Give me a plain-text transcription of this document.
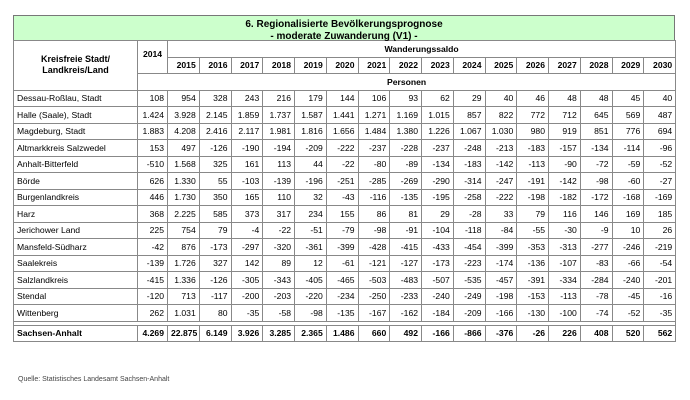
6. Regionalisierte Bevölkerungsprognose
- moderate Zuwanderung (V1) -
Kreisfreie Stadt/ Landkreis/Land	2014	Wanderungssaldo															
		2015	2016	2017	2018	2019	2020	2021	2022	2023	2024	2025	2026	2027	2028	2029	2030
	Personen																
Dessau-Roßlau, Stadt	108	954	328	243	216	179	144	106	93	62	29	40	46	48	48	45	40
Halle (Saale), Stadt	1.424	3.928	2.145	1.859	1.737	1.587	1.441	1.271	1.169	1.015	857	822	772	712	645	569	487
Magdeburg, Stadt	1.883	4.208	2.416	2.117	1.981	1.816	1.656	1.484	1.380	1.226	1.067	1.030	980	919	851	776	694
Altmarkkreis Salzwedel	153	497	-126	-190	-194	-209	-222	-237	-228	-237	-248	-213	-183	-157	-134	-114	-96
Anhalt-Bitterfeld	-510	1.568	325	161	113	44	-22	-80	-89	-134	-183	-142	-113	-90	-72	-59	-52
Börde	626	1.330	55	-103	-139	-196	-251	-285	-269	-290	-314	-247	-191	-142	-98	-60	-27
Burgenlandkreis	446	1.730	350	165	110	32	-43	-116	-135	-195	-258	-222	-198	-182	-172	-168	-169
Harz	368	2.225	585	373	317	234	155	86	81	29	-28	33	79	116	146	169	185
Jerichower Land	225	754	79	-4	-22	-51	-79	-98	-91	-104	-118	-84	-55	-30	-9	10	26
Mansfeld-Südharz	-42	876	-173	-297	-320	-361	-399	-428	-415	-433	-454	-399	-353	-313	-277	-246	-219
Saalekreis	-139	1.726	327	142	89	12	-61	-121	-127	-173	-223	-174	-136	-107	-83	-66	-54
Salzlandkreis	-415	1.336	-126	-305	-343	-405	-465	-503	-483	-507	-535	-457	-391	-334	-284	-240	-201
Stendal	-120	713	-117	-200	-203	-220	-234	-250	-233	-240	-249	-198	-153	-113	-78	-45	-16
Wittenberg	262	1.031	80	-35	-58	-98	-135	-167	-162	-184	-209	-166	-130	-100	-74	-52	-35

Sachsen-Anhalt	4.269	22.875	6.149	3.926	3.285	2.365	1.486	660	492	-166	-866	-376	-26	226	408	520	562
Quelle: Statistisches Landesamt Sachsen-Anhalt
